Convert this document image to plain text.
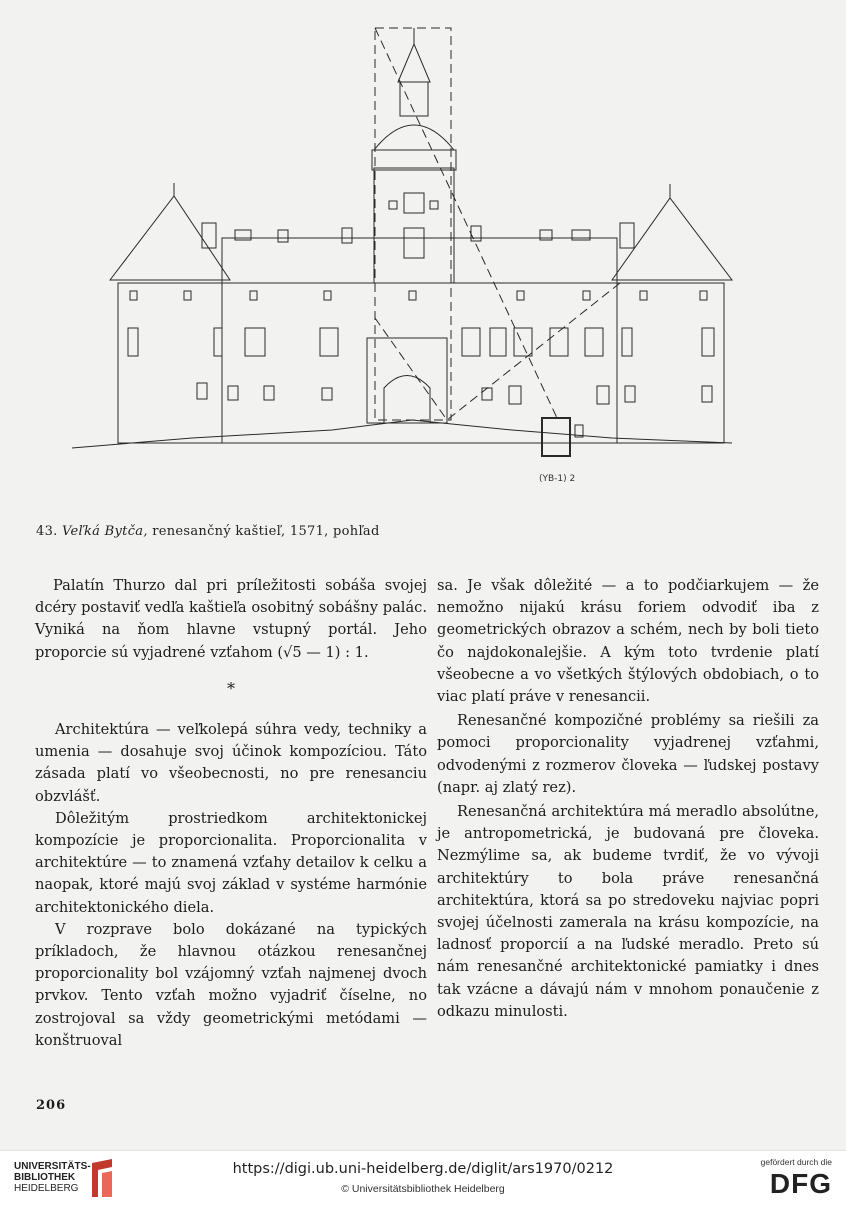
(YB-1) 2
43. Veľká Bytča, renesančný kaštieľ, 1571, pohľad

Palatín Thurzo dal pri príležitosti sobáša svojej dcéry postaviť vedľa kaštieľa osobitný sobášny palác. Vyniká na ňom hlavne vstupný portál. Jeho proporcie sú vyjadrené vzťahom (√5 — 1) : 1.

*

Architektúra — veľkolepá súhra vedy, techniky a umenia — dosahuje svoj účinok kompozíciou. Táto zásada platí vo všeobecnosti, no pre renesanciu obzvlášť.

Dôležitým prostriedkom architektonickej kompozície je proporcionalita. Proporcionalita v architektúre — to znamená vzťahy detailov k celku a naopak, ktoré majú svoj základ v systéme harmónie architektonického diela.

V rozprave bolo dokázané na typických príkladoch, že hlavnou otázkou renesančnej proporcionality bol vzájomný vzťah najmenej dvoch prvkov. Tento vzťah možno vyjadriť číselne, no zostrojoval sa vždy geometrickými metódami — konštruoval

sa. Je však dôležité — a to podčiarkujem — že nemožno nijakú krásu foriem odvodiť iba z geometrických obrazov a schém, nech by boli tieto čo najdokonalejšie. A kým toto tvrdenie platí všeobecne a vo všetkých štýlových obdobiach, o to viac platí práve v renesancii.

Renesančné kompozičné problémy sa riešili za pomoci proporcionality vyjadrenej vzťahmi, odvodenými z rozmerov človeka — ľudskej postavy (napr. aj zlatý rez).

Renesančná architektúra má meradlo absolútne, je antropometrická, je budovaná pre človeka. Nezmýlime sa, ak budeme tvrdiť, že vo vývoji architektúry to bola práve renesančná architektúra, ktorá sa po stredoveku najviac popri svojej účelnosti zamerala na krásu kompozície, na ladnosť proporcií a na ľudské meradlo. Preto sú nám renesančné architektonické pamiatky i dnes tak vzácne a dávajú nám v mnohom ponaučenie z odkazu minulosti.

206
UNIVERSITÄTS-
BIBLIOTHEK
HEIDELBERG
https://digi.ub.uni-heidelberg.de/diglit/ars1970/0212
© Universitätsbibliothek Heidelberg
gefördert durch die
DFG
